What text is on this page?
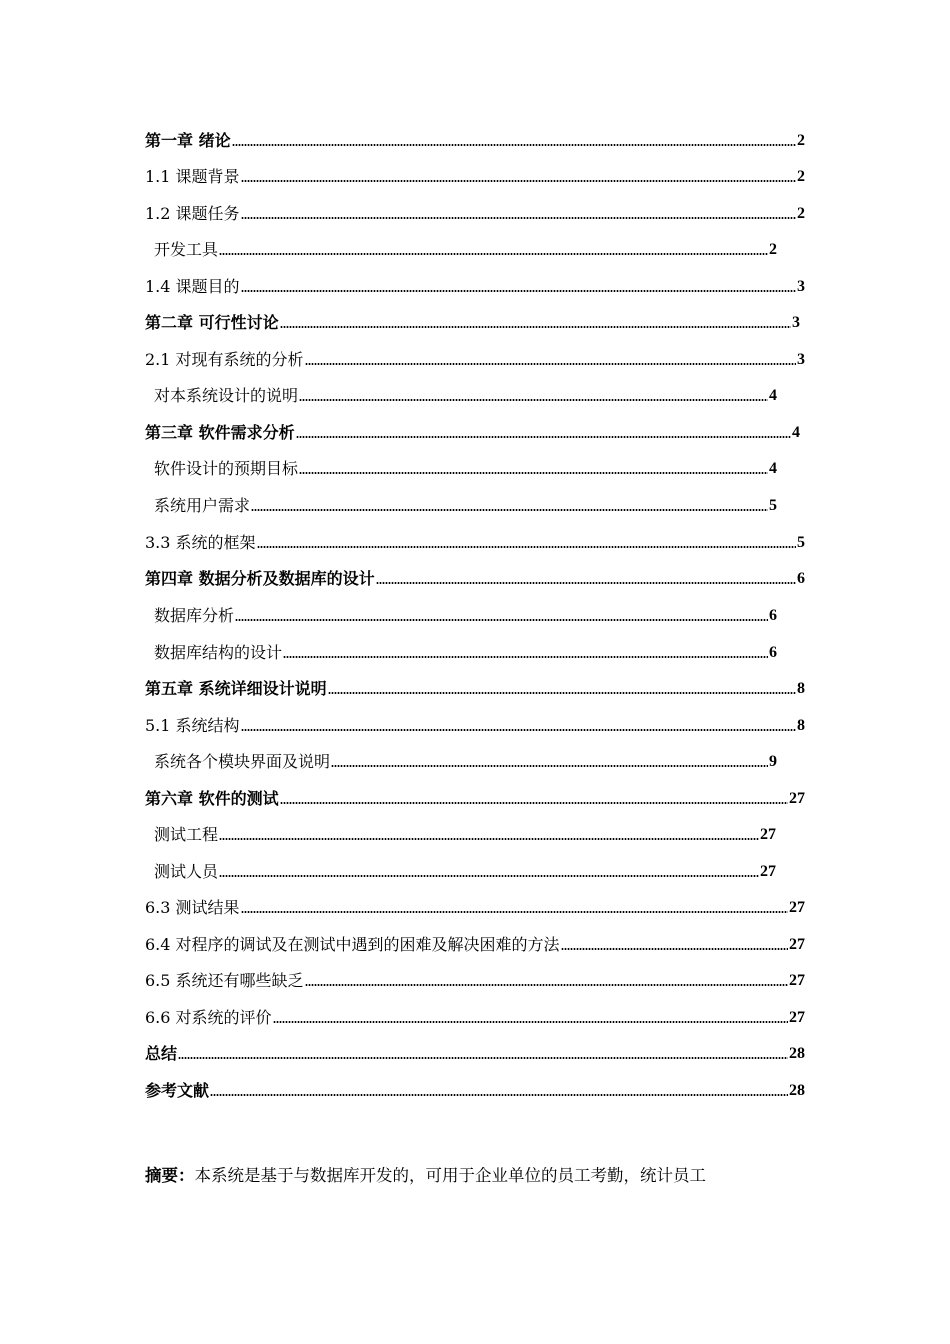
第一章 绪论	2
1.1 课题背景	2
1.2 课题任务	2
开发工具	2
1.4 课题目的	3
第二章 可行性讨论	3
2.1 对现有系统的分析	3
对本系统设计的说明	4
第三章 软件需求分析	4
软件设计的预期目标	4
系统用户需求	5
3.3 系统的框架	5
第四章 数据分析及数据库的设计	6
数据库分析	6
数据库结构的设计	6
第五章 系统详细设计说明	8
5.1 系统结构	8
系统各个模块界面及说明	9
第六章 软件的测试	27
测试工程	27
测试人员	27
6.3 测试结果	27
6.4 对程序的调试及在测试中遇到的困难及解决困难的方法	27
6.5 系统还有哪些缺乏	27
6.6 对系统的评价	27
总结	28
参考文献	28
摘要：本系统是基于与数据库开发的，可用于企业单位的员工考勤，统计员工
